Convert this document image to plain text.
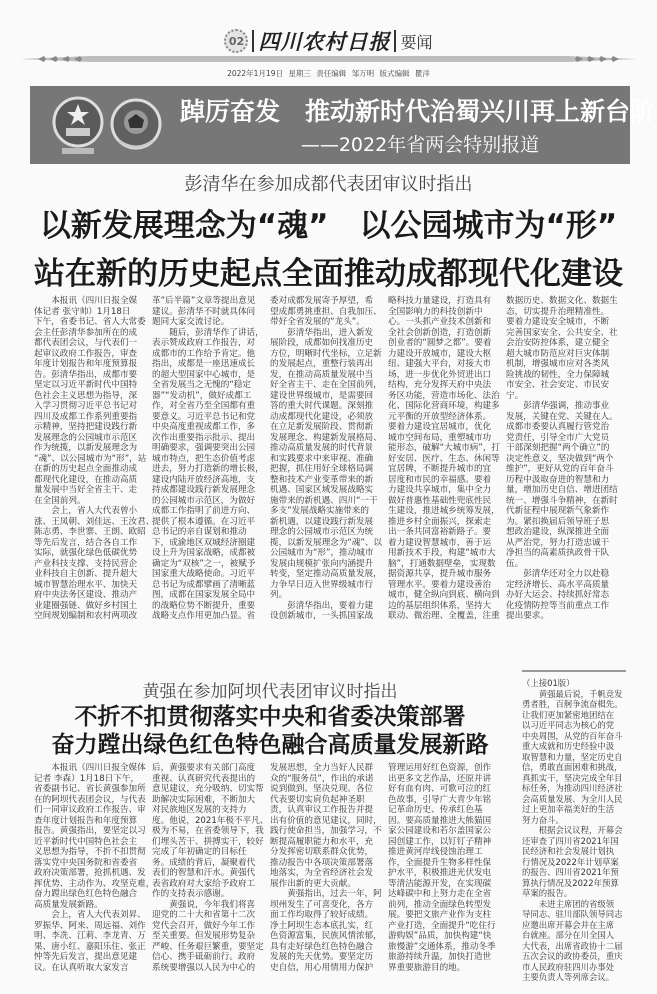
02 四川农村日报 要闻
2022年1月19日 星期三 责任编辑 邹万明 版式编辑 瞿洋
踔厉奋发　推动新时代治蜀兴川再上新台阶
——2022年省两会特别报道
彭清华在参加成都代表团审议时指出
以新发展理念为“魂”　以公园城市为“形”
站在新的历史起点全面推动成都现代化建设
　　本报讯（四川日报全媒
体记者 张守帅）1月18日
下午，省委书记、省人大常委
会主任彭清华参加所在的成
都代表团会议，与代表们一
起审议政府工作报告，审查
年度计划报告和年度预算报
告。彭清华指出，成都市要
坚定以习近平新时代中国特
色社会主义思想为指导，深
入学习贯彻习近平总书记对
四川及成都工作系列重要指
示精神，坚持把建设践行新
发展理念的公园城市示范区
作为统揽，以新发展理念为
“魂”、以公园城市为“形”，站
在新的历史起点全面推动成
都现代化建设，在推动高质
量发展中当好全省主干、走
在全国前列。
　　会上，省人大代表曾小
涨、王凤朝、刘佳远、王汝君、
陈志勇、李世寨、王朗、欧昭
等先后发言，结合各自工作
实际，就强化绿色低碳优势
产业科技支撑、支持民营企
业科技自主创新、提升超大
城市智慧治理水平、加快天
府中央法务区建设、推动产
业建圈强链、做好乡村国土
空间规划编制和农村两项改
革”后半篇”文章等提出意见
建议。彭清华不时就具体问
题同大家交流讨论。
　　随后，彭清华作了讲话，
表示赞成政府工作报告，对
成都市的工作给予肯定。他
指出，成都是一座迅速成长
的超大型国家中心城市，是
全省发展当之无愧的“稳定
器”“发动机”，做好成都工
作，对全省乃至全国都有重
要意义。习近平总书记和党
中央高度重视成都工作，多
次作出重要指示批示、提出
明确要求，强调要突出公园
城市特点，把生态价值考虑
进去，努力打造新的增长极，
建设内陆开放经济高地，支
持成都建设践行新发展理念
的公园城市示范区，为做好
成都工作指明了前进方向、
提供了根本遵循。在习近平
总书记的亲自谋划和推动
下，成渝地区双城经济圈建
设上升为国家战略，成都被
确定为“双核”之一，被赋予
国家重大战略使命。习近平
总书记为成都擘画了清晰蓝
图，成都在国家发展全局中
的战略位势不断提升，重要
战略支点作用更加凸显。省
委对成都发展寄予厚望，希
望成都勇挑重担、自我加压、
带好全省发展的“龙头”。
　　彭清华指出，进入新发
展阶段，成都如何找准历史
方位，明晰时代坐标，立足新
的发展起点，重整行装再出
发，在推动高质量发展中当
好全省主干、走在全国前列，
建设世界级城市，是需要回
答的重大时代课题。深刻推
动成都现代化建设，必须放
在立足新发展阶段、贯彻新
发展理念、构建新发展格局、
推动高质量发展的时代背景
和实践要求中来审视、准确
把握，抓住用好全球格局调
整和技术产业变革带来的新
机遇、国家区域发展战略实
施带来的新机遇、四川“一干
多支”发展战略实施带来的
新机遇，以建设践行新发展
理念的公园城市示范区为统
揽，以新发展理念为“魂”、以
公园城市为“形”，推动城市
发展由规模扩张向内涵提升
转变，坚定推动高质量发展，
力争早日迈入世界级城市行
列。
　　彭清华指出，要着力建
设创新城市，一头抓国家战
略科技力量建设，打造具有
全国影响力的科技创新中
心。一头抓产业技术创新和
全社会创新创造，打造创新
创业者的“圆梦之都”。要着
力建设开放城市，建设大枢
纽、建强大平台，对接大市
场，进一步优化外贸进出口
结构，充分发挥天府中央法
务区功能，营造市场化、法治
化、国际化营商环境，构建多
元平衡的开放型经济体系。
要着力建设宜居城市，优化
城市空间布局，重塑城市功
能形态，破解“大城市病”，打
好安居、医疗、生态、休闲等
宜居牌，不断提升城市的宜
居度和市民的幸福感。要着
力建设共享城市，集中全力
做好普惠性基础性兜底性民
生建设，推进城乡统筹发展，
推进乡村全面振兴，探索走
出一条共同富裕新路子。要
着力建设智慧城市，善于运
用新技术手段，构建“城市大
脑”，打通数据壁垒，实现数
据资源共享，提升城市服务
管理水平。要着力建设善治
城市，健全纵向到底、横向到
边的基层组织体系，坚持大
联动、微治理、全覆盖，注重
数据历史、数据文化、数据生
态，切实提升治理精准性。
要着力建设安全城市，不断
完善国家安全、公共安全、社
会治安防控体系，建立健全
超大城市防范应对巨灾体制
机制，增强城市应对各类风
险挑战的韧性，全力保障城
市安全、社会安定、市民安
宁。
　　彭清华强调，推动事业
发展，关键在党、关键在人。
成都市委要认真履行管党治
党责任，引导全市广大党员
干部深刻把握“两个确立”的
决定性意义，坚决做到“两个
维护”，更好从党的百年奋斗
历程中汲取奋进的智慧和力
量，增加历史自信、增进团结
统一、增强斗争精神，在新时
代新征程中展现新气象新作
为。紧扣换届后领导班子思
想政治建设，纵深推进全面
从严治党，努力打造忠诚干
净担当的高素质执政骨干队
伍。
　　彭清华还对全力以赴稳
定经济增长、高水平高质量
办好大运会、持续抓好常态
化疫情防控等当前重点工作
提出要求。
黄强在参加阿坝代表团审议时指出
不折不扣贯彻落实中央和省委决策部署
奋力蹚出绿色红色特色融合高质量发展新路
　　本报讯（四川日报全媒体
记者 李森）1月18日下午，
省委副书记、省长黄强参加所
在的阿坝代表团会议，与代表
们一同审议政府工作报告、审
查年度计划报告和年度预算
报告。黄强指出，要坚定以习
近平新时代中国特色社会主
义思想为指导，不折不扣贯彻
落实党中央国务院和省委省
政府决策部署，抢抓机遇、发
挥优势、主动作为、攻坚克难，
奋力蹚出绿色红色特色融合
高质量发展新路。
　　会上，省人大代表刘昇、
罗振华、阿来、周远福、刘作
明、李冼、江莉、李龙青、万
果、唐小红、嘉阳乐住、张正
忡等先后发言，提出意见建
议。在认真听取大家发言
后，黄强要求有关部门高度
重视、认真研究代表提出的
意见建议，充分吸纳、切实帮
助解决实际困难，不断加大
对民族地区发展的支持力
度。他说，2021年极不平凡、
极为不易，在省委领导下，我
们埋头苦干、拼搏实干，较好
完成了年初确定的目标任
务。成绩的背后，凝聚着代
表们的智慧和汗水。黄强代
表省政府对大家给予政府工
作的支持表示感谢。
　　黄强说，今年我们将喜
迎党的二十大和省第十二次
党代会召开，做好今年工作
至关重要。但发展形势复杂
严峻、任务艰巨繁重，要坚定
信心、携手砥砺前行。政府
系统要增强以人民为中心的
发展思想，全力当好人民群
众的“服务员”，作出的承诺
说到做到、坚决兑现。各位
代表要切实肩负起神圣职
责，认真审议工作报告并提
出有价值的意见建议，同时，
践行使命担当，加强学习，不
断提高履职能力和水平，充
分发挥密切联系群众优势，
推动报告中各项决策部署落
地落实，为全省经济社会发
展作出新的更大贡献。
　　黄强指出，过去一年，阿
坝州发生了可喜变化，各方
面工作均取得了较好成绩。
净土阿坝生态本底扎实，红
色资源富集，民族风情浓郁，
具有走好绿色红色特色融合
发展的先天优势。要坚定历
史自信，用心用情用力保护
管理运用好红色资源，创作
出更多文艺作品，还原并讲
好有血有肉、可歌可泣的红
色故事，引导广大青少年铭
记革命历史、传承红色基
因。要高质量推进大熊猫国
家公园建设和若尔盖国家公
园创建工作，以钉钉子精神
推进黄河岸线侵蚀治理工
作，全面提升生物多样性保
护水平，积极推进光伏发电
等清洁能源开发，在实现碳
达峰碳中和上努力走在全省
前列，推动全面绿色转型发
展。要把文旅产业作为支柱
产业打造，全面提升“吃住行
游购娱”品质，加快构建“快
旅慢游”交通体系，推动冬季
旅游持续升温，加快打造世
界重要旅游目的地。
（上接01版）
　　黄强最后说，千帆竞发
勇者胜，百舸争流奋楫先。
让我们更加紧密地团结在
以习近平同志为核心的党
中央周围，从党的百年奋斗
重大成就和历史经验中汲
取智慧和力量，坚定历史自
信，勇敢直面困难和挑战，
真抓实干，坚决完成全年目
标任务，为推动四川经济社
会高质量发展、为全川人民
过上更加幸福美好的生活
努力奋斗。
　　根据会议议程，开幕会
还审查了四川省2021年国
民经济和社会发展计划执
行情况及2022年计划草案
的报告、四川省2021年预
算执行情况及2022年预算
草案的报告。
　　未进主席团的省级领
导同志、驻川部队领导同志
应邀出席开幕会并在主席
台就座。部分在川全国人
大代表，出席省政协十二届
五次会议的政协委员，重庆
市人民政府驻四川办事处
主要负责人等列席会议。
